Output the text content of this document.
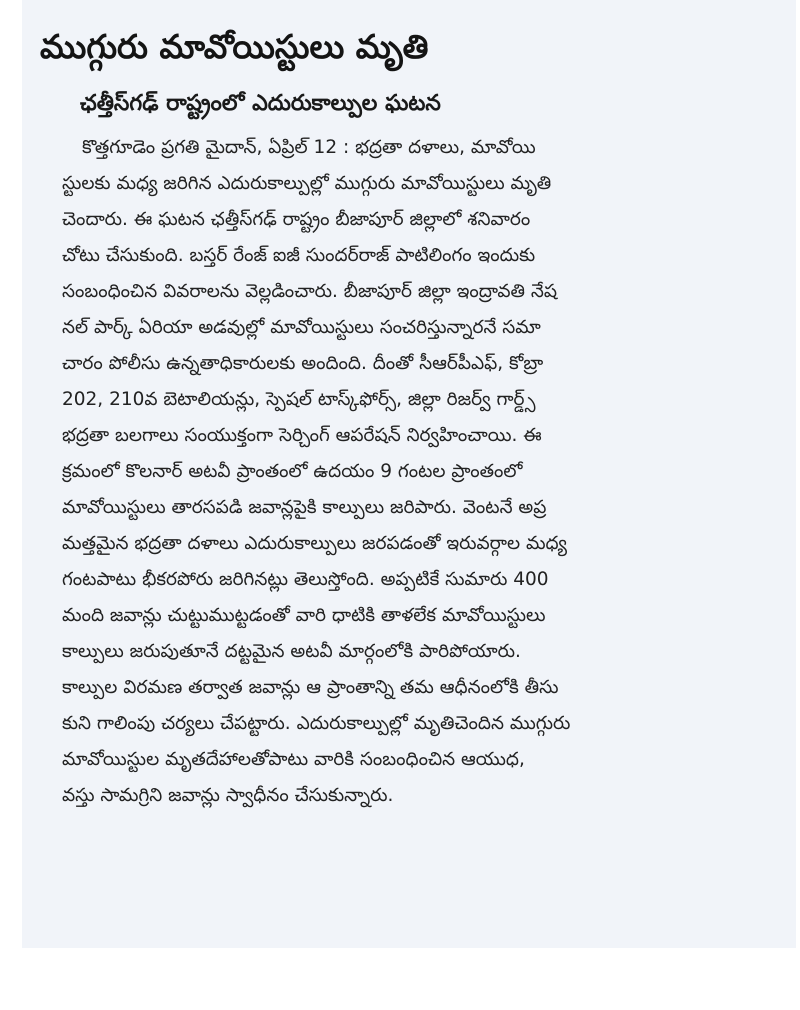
ముగ్గురు మావోయిస్టులు మృతి
ఛత్తీస్‌గఢ్ రాష్ట్రంలో ఎదురుకాల్పుల ఘటన
కొత్తగూడెం ప్రగతి మైదాన్, ఏప్రిల్ 12 : భద్రతా దళాలు, మావోయి
స్టులకు మధ్య జరిగిన ఎదురుకాల్పుల్లో ముగ్గురు మావోయిస్టులు మృతి
చెందారు. ఈ ఘటన ఛత్తీస్‌గఢ్ రాష్ట్రం బీజాపూర్ జిల్లాలో శనివారం
చోటు చేసుకుంది. బస్తర్ రేంజ్ ఐజీ సుందర్‌రాజ్ పాటిలింగం ఇందుకు
సంబంధించిన వివరాలను వెల్లడించారు. బీజాపూర్ జిల్లా ఇంద్రావతి నేష
నల్ పార్క్ ఏరియా అడవుల్లో మావోయిస్టులు సంచరిస్తున్నారనే సమా
చారం పోలీసు ఉన్నతాధికారులకు అందింది. దీంతో సీఆర్‌పీఎఫ్, కోబ్రా
202, 210వ బెటాలియన్లు, స్పెషల్ టాస్క్‌ఫోర్స్, జిల్లా రిజర్వ్ గార్డ్స్
భద్రతా బలగాలు సంయుక్తంగా సెర్చింగ్ ఆపరేషన్ నిర్వహించాయి. ఈ
క్రమంలో కొలనార్ అటవీ ప్రాంతంలో ఉదయం 9 గంటల ప్రాంతంలో
మావోయిస్టులు తారసపడి జవాన్లపైకి కాల్పులు జరిపారు. వెంటనే అప్ర
మత్తమైన భద్రతా దళాలు ఎదురుకాల్పులు జరపడంతో ఇరువర్గాల మధ్య
గంటపాటు భీకరపోరు జరిగినట్లు తెలుస్తోంది. అప్పటికే సుమారు 400
మంది జవాన్లు చుట్టుముట్టడంతో వారి ధాటికి తాళలేక మావోయిస్టులు
కాల్పులు జరుపుతూనే దట్టమైన అటవీ మార్గంలోకి పారిపోయారు.
కాల్పుల విరమణ తర్వాత జవాన్లు ఆ ప్రాంతాన్ని తమ ఆధీనంలోకి తీసు
కుని గాలింపు చర్యలు చేపట్టారు. ఎదురుకాల్పుల్లో మృతిచెందిన ముగ్గురు
మావోయిస్టుల మృతదేహాలతోపాటు వారికి సంబంధించిన ఆయుధ,
వస్తు సామగ్రిని జవాన్లు స్వాధీనం చేసుకున్నారు.
